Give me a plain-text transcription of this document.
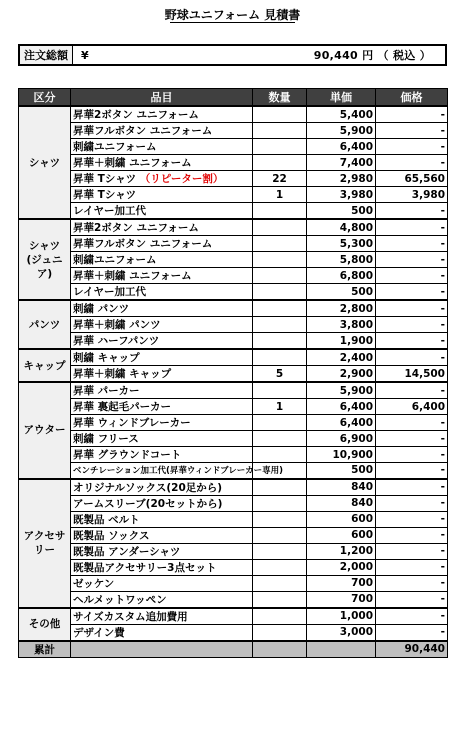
野球ユニフォーム 見積書
注文総額	¥	90,440 円 （ 税込 ）
区分	品目	数量	単価	価格
シャツ	昇華2ボタン ユニフォーム		5,400	-
	昇華フルボタン ユニフォーム		5,900	-
	刺繍ユニフォーム		6,400	-
	昇華＋刺繍 ユニフォーム		7,400	-
	昇華 Tシャツ （リピーター割）	22	2,980	65,560
	昇華 Tシャツ	1	3,980	3,980
	レイヤー加工代		500	-
シャツ
(ジュニア)	昇華2ボタン ユニフォーム		4,800	-
	昇華フルボタン ユニフォーム		5,300	-
	刺繍ユニフォーム		5,800	-
	昇華＋刺繍 ユニフォーム		6,800	-
	レイヤー加工代		500	-
パンツ	刺繍 パンツ		2,800	-
	昇華＋刺繍 パンツ		3,800	-
	昇華 ハーフパンツ		1,900	-
キャップ	刺繍 キャップ		2,400	-
	昇華＋刺繍 キャップ	5	2,900	14,500
アウター	昇華 パーカー		5,900	-
	昇華 裏起毛パーカー	1	6,400	6,400
	昇華 ウィンドブレーカー		6,400	-
	刺繍 フリース		6,900	-
	昇華 グラウンドコート		10,900	-
	ベンチレーション加工代(昇華ウィンドブレーカー専用)		500	-
アクセサリー	オリジナルソックス(20足から)		840	-
	アームスリーブ(20セットから)		840	-
	既製品 ベルト		600	-
	既製品 ソックス		600	-
	既製品 アンダーシャツ		1,200	-
	既製品アクセサリー3点セット		2,000	-
	ゼッケン		700	-
	ヘルメットワッペン		700	-
その他	サイズカスタム追加費用		1,000	-
	デザイン費		3,000	-
累計				90,440
